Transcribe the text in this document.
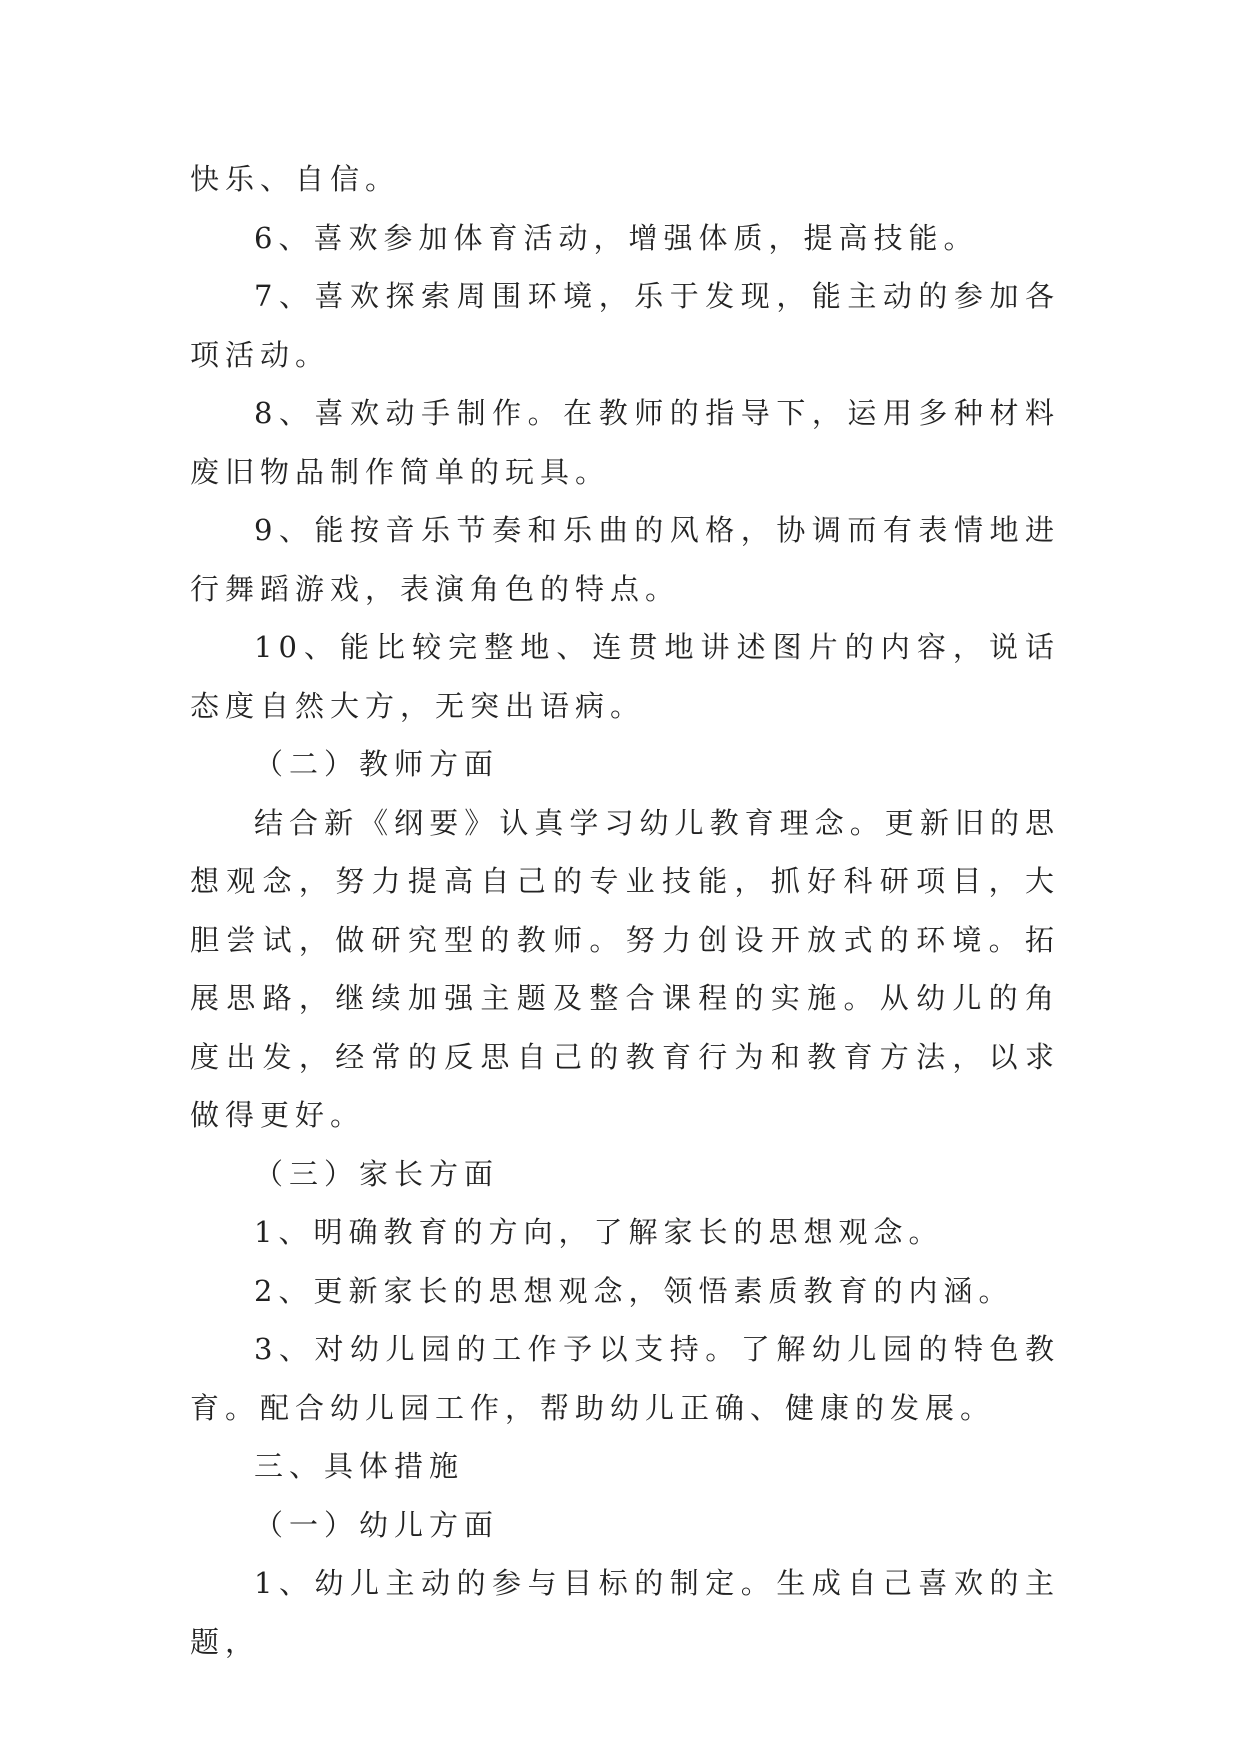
快乐、自信。

6、喜欢参加体育活动，增强体质，提高技能。

7、喜欢探索周围环境，乐于发现，能主动的参加各项活动。

8、喜欢动手制作。在教师的指导下，运用多种材料废旧物品制作简单的玩具。

9、能按音乐节奏和乐曲的风格，协调而有表情地进行舞蹈游戏，表演角色的特点。

10、能比较完整地、连贯地讲述图片的内容，说话态度自然大方，无突出语病。

（二）教师方面

结合新《纲要》认真学习幼儿教育理念。更新旧的思想观念，努力提高自己的专业技能，抓好科研项目，大胆尝试，做研究型的教师。努力创设开放式的环境。拓展思路，继续加强主题及整合课程的实施。从幼儿的角度出发，经常的反思自己的教育行为和教育方法，以求做得更好。

（三）家长方面

1、明确教育的方向，了解家长的思想观念。

2、更新家长的思想观念，领悟素质教育的内涵。

3、对幼儿园的工作予以支持。了解幼儿园的特色教育。配合幼儿园工作，帮助幼儿正确、健康的发展。

三、具体措施

（一）幼儿方面

1、幼儿主动的参与目标的制定。生成自己喜欢的主题，
